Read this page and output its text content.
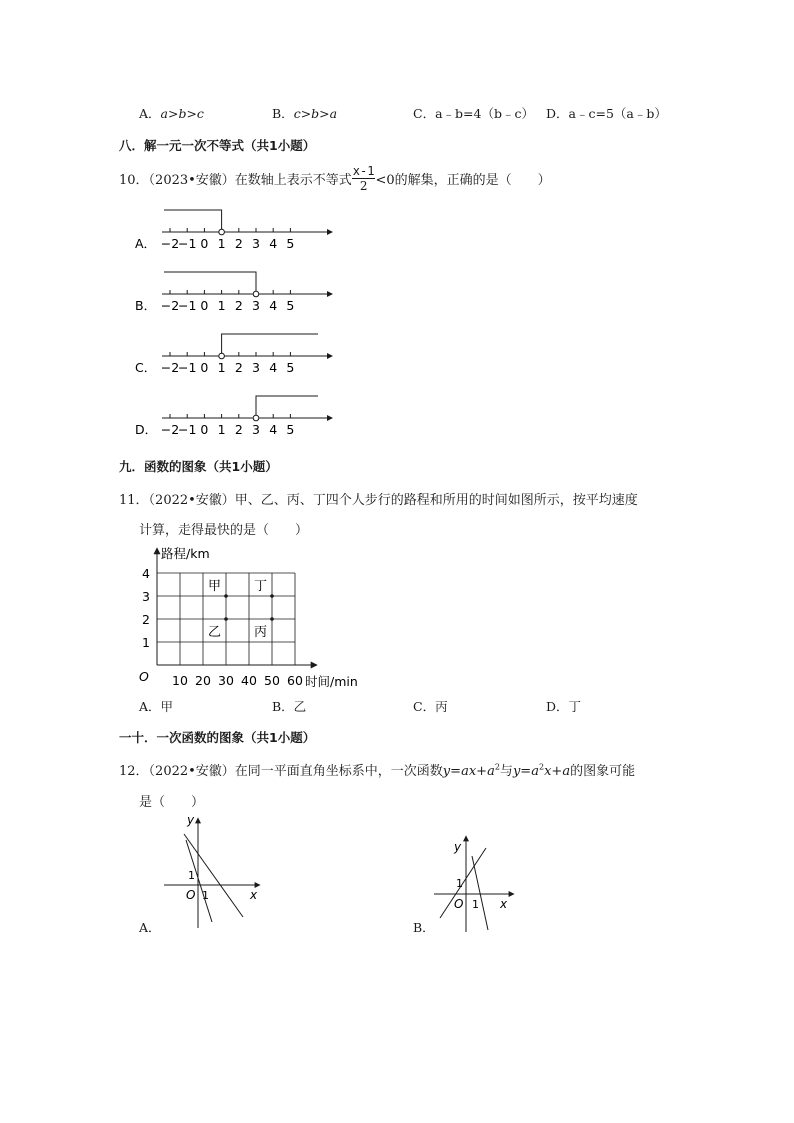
A．a>b>c	B．c>b>a	C．a﹣b=4（b﹣c） D．a﹣c=5（a﹣b）
八．解一元一次不等式（共1小题）
10．（2023•安徽）在数轴上表示不等式 $\frac{x-1}{2} <0$的解集，正确的是（　　）
A． −2
−1 0 1 2 3 4 5
B． −2
−1 0 1 2 3 4 5
C． −2
−1 0 1 2 3 4 5
D． −2
−1 0 1 2 3 4 5
九．函数的图象（共1小题）
11．（2022•安徽）甲、乙、丙、丁四个人步行的路程和所用的时间如图所示，按平均速度
计算，走得最快的是（　　）
路程/km
时间/min
O
1
2
3
4
10 20 30 40 50 60
甲
乙	丙
丁
A．甲	B．乙	C．丙	D．丁
一十．一次函数的图象（共1小题）
12．（2022•安徽）在同一平面直角坐标系中，一次函数$y=ax+a^2$与$y=a^2x+a$的图象可能
是（　　）
A．
y
x
O 1
1
B．
y
x
O 1
1
